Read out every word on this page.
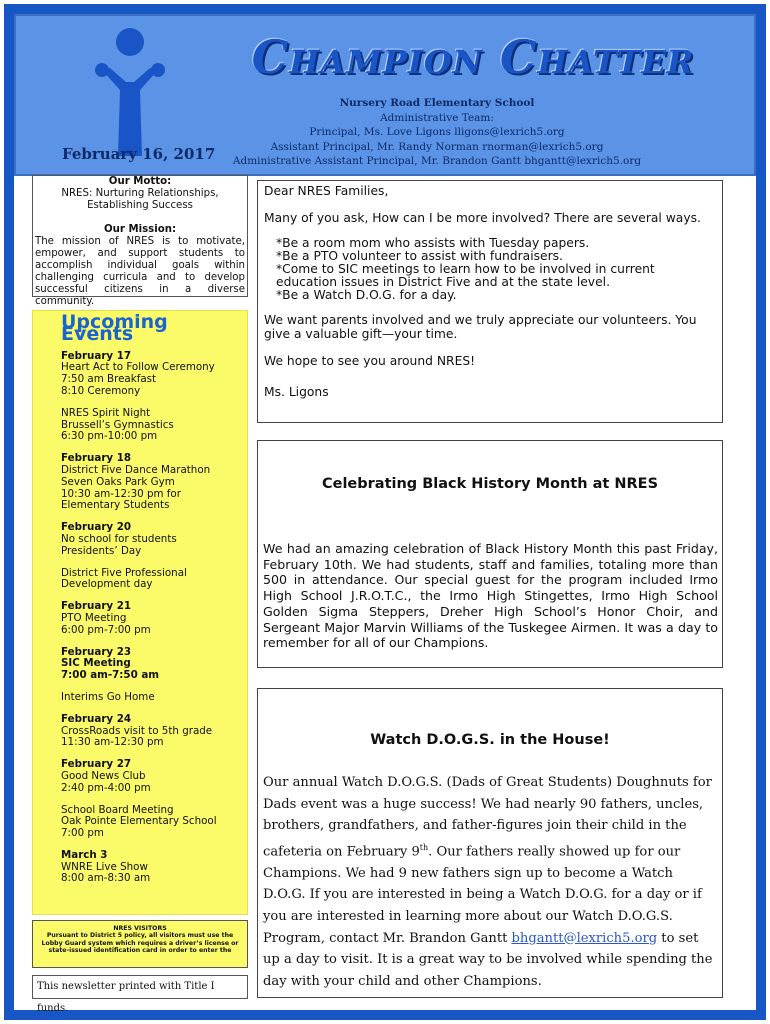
Champion Chatter
Nursery Road Elementary School
Administrative Team:
Principal, Ms. Love Ligons lligons@lexrich5.org
Assistant Principal, Mr. Randy Norman rnorman@lexrich5.org
Administrative Assistant Principal, Mr. Brandon Gantt bhgantt@lexrich5.org
February 16, 2017
Our Motto:
NRES: Nurturing Relationships,
Establishing Success
Our Mission:
The mission of NRES is to motivate, empower, and support students to accomplish individual goals within challenging curricula and to develop successful citizens in a diverse community.
Upcoming Events
February 17
Heart Act to Follow Ceremony
7:50 am Breakfast
8:10 Ceremony
NRES Spirit Night
Brussell’s Gymnastics
6:30 pm-10:00 pm
February 18
District Five Dance Marathon
Seven Oaks Park Gym
10:30 am-12:30 pm for Elementary Students
February 20
No school for students
Presidents’ Day
District Five Professional Development day
February 21
PTO Meeting
6:00 pm-7:00 pm
February 23
SIC Meeting
7:00 am-7:50 am
Interims Go Home
February 24
CrossRoads visit to 5th grade
11:30 am-12:30 pm
February 27
Good News Club
2:40 pm-4:00 pm
School Board Meeting
Oak Pointe Elementary School
7:00 pm
March 3
WNRE Live Show
8:00 am-8:30 am
NRES VISITORS
Pursuant to District 5 policy, all visitors must use the Lobby Guard system which requires a driver’s license or state-issued identification card in order to enter the
This newsletter printed with Title I funds.

Dear NRES Families,

Many of you ask, How can I be more involved? There are several ways.

*Be a room mom who assists with Tuesday papers.
*Be a PTO volunteer to assist with fundraisers.
*Come to SIC meetings to learn how to be involved in current education issues in District Five and at the state level.
*Be a Watch D.O.G. for a day.

We want parents involved and we truly appreciate our volunteers. You give a valuable gift—your time.

We hope to see you around NRES!

Ms. Ligons

Celebrating Black History Month at NRES
We had an amazing celebration of Black History Month this past Friday, February 10th. We had students, staff and families, totaling more than 500 in attendance. Our special guest for the program included Irmo High School J.R.O.T.C., the Irmo High Stingettes, Irmo High School Golden Sigma Steppers, Dreher High School’s Honor Choir, and Sergeant Major Marvin Williams of the Tuskegee Airmen. It was a day to remember for all of our Champions.
Watch D.O.G.S. in the House!
Our annual Watch D.O.G.S. (Dads of Great Students) Doughnuts for Dads event was a huge success! We had nearly 90 fathers, uncles, brothers, grandfathers, and father-figures join their child in the cafeteria on February 9th. Our fathers really showed up for our Champions. We had 9 new fathers sign up to become a Watch D.O.G. If you are interested in being a Watch D.O.G. for a day or if you are interested in learning more about our Watch D.O.G.S. Program, contact Mr. Brandon Gantt bhgantt@lexrich5.org to set up a day to visit. It is a great way to be involved while spending the day with your child and other Champions.
